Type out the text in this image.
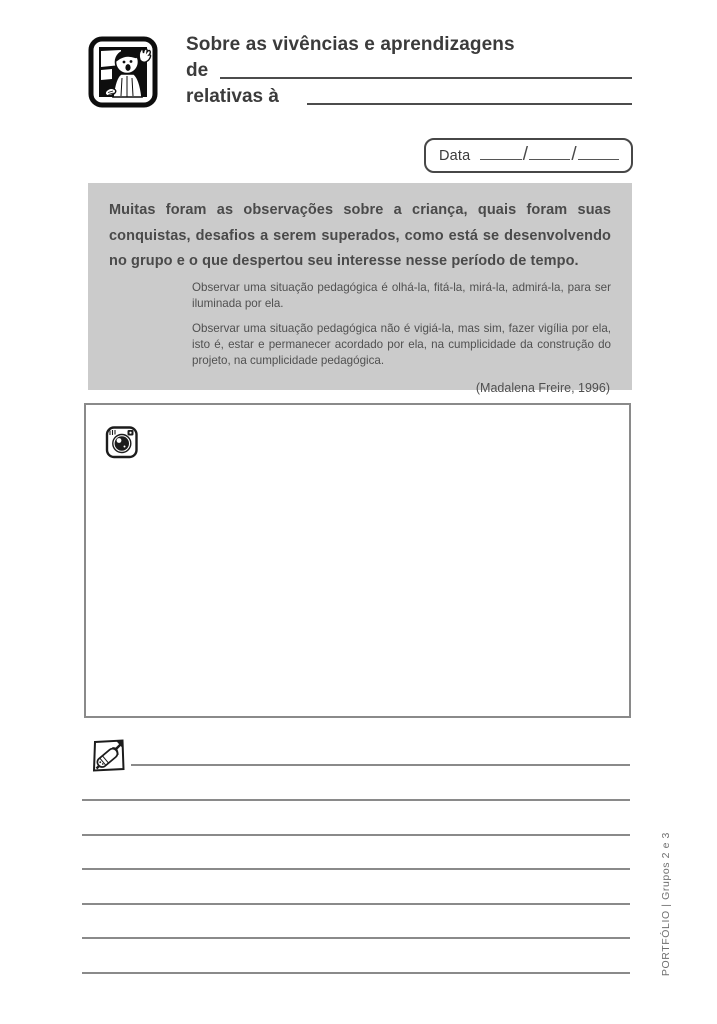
Sobre as vivências e aprendizagens
de
relativas à
Data	/ /

Muitas foram as observações sobre a criança, quais foram suas conquistas, desafios a serem superados, como está se desenvolvendo no grupo e o que despertou seu interesse nesse período de tempo.

Observar uma situação pedagógica é olhá-la, fitá-la, mirá-la, admirá-la, para ser iluminada por ela.

Observar uma situação pedagógica não é vigiá-la, mas sim, fazer vigília por ela, isto é, estar e permanecer acordado por ela, na cumplicidade da construção do projeto, na cumplicidade pedagógica.

(Madalena Freire, 1996)

PORTFÓLIO | Grupos 2 e 3
